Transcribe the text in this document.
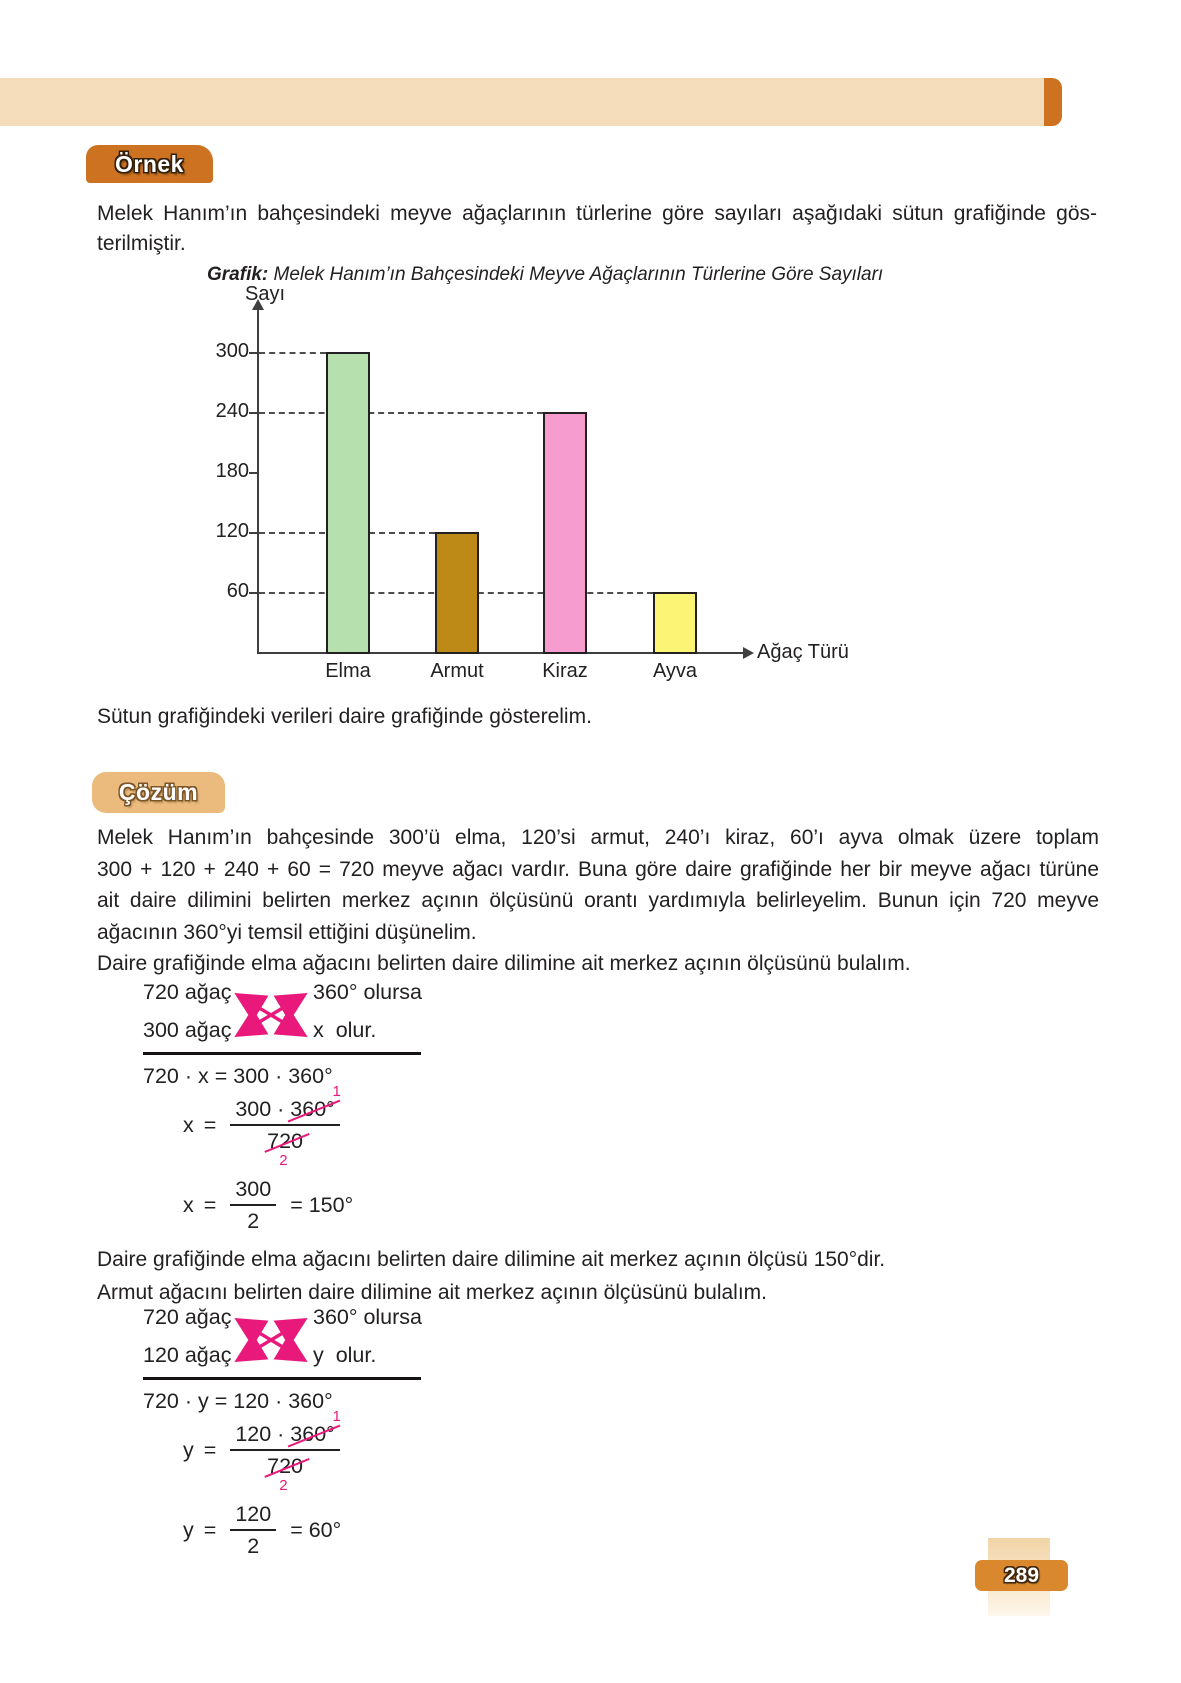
Örnek
Melek Hanım’ın bahçesindeki meyve ağaçlarının türlerine göre sayıları aşağıdaki sütun grafiğinde gös-
terilmiştir.
Grafik: Melek Hanım’ın Bahçesindeki Meyve Ağaçlarının Türlerine Göre Sayıları
Sayı
Ağaç Türü
60
120
180
240
300
Elma	Armut	Kiraz	Ayva
Sütun grafiğindeki verileri daire grafiğinde gösterelim.
Çözüm
Melek Hanım’ın bahçesinde 300’ü elma, 120’si armut, 240’ı kiraz, 60’ı ayva olmak üzere toplam
300 + 120 + 240 + 60 = 720 meyve ağacı vardır. Buna göre daire grafiğinde her bir meyve ağacı türüne
ait daire dilimini belirten merkez açının ölçüsünü orantı yardımıyla belirleyelim. Bunun için 720 meyve
ağacının 360°yi temsil ettiğini düşünelim.
Daire grafiğinde elma ağacını belirten daire dilimine ait merkez açının ölçüsünü bulalım.
720 ağaç	360° olursa
300 ağaç	x  olur.
720 · x = 300 · 360°
x = 300 · 360°
1
720
2
$x = \frac{300}{2} = 150^\circ$
Daire grafiğinde elma ağacını belirten daire dilimine ait merkez açının ölçüsü 150°dir.
Armut ağacını belirten daire dilimine ait merkez açının ölçüsünü bulalım.
720 ağaç	360° olursa
120 ağaç	y  olur.
720 · y = 120 · 360°
y = 120 · 360°
1
720
2
$y = \frac{120}{2} = 60^\circ$
289
